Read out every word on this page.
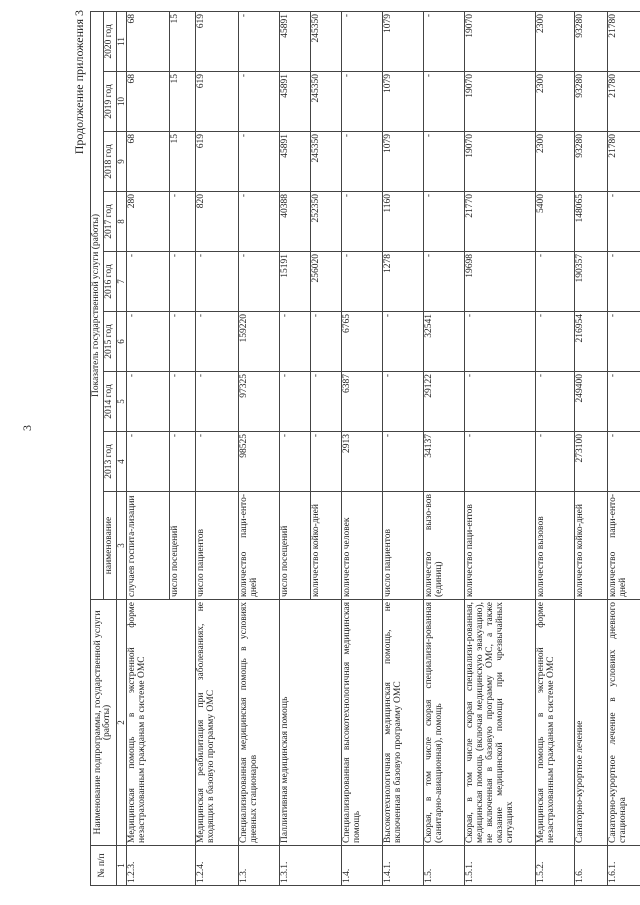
3
Продолжение приложения 3
№ п/п	Наименование подпрограммы, государственной услуги (работы)	Показатель государственной услуги (работы)								
		наименование	2013 год	2014 год	2015 год	2016 год	2017 год	2018 год	2019 год	2020 год
1	2	3	4	5	6	7	8	9	10	11
1.2.3.	Медицинская помощь в экстренной форме незастрахованным гражданам в системе ОМС	случаев госпита-лизации	-	-	-	-	280	68	68	68
		число посещений	-	-	-	-	-	15	15	15
1.2.4.	Медицинская реабилитация при заболеваниях, не входящих в базовую программу ОМС	число пациентов	-	-	-	-	820	619	619	619
1.3.	Специализированная медицинская помощь в условиях дневных стационаров	количество паци-енто-дней	98525	97325	159220	-	-	-	-	-
1.3.1.	Паллиативная медицинская помощь	число посещений	-	-	-	15191	40388	45891	45891	45891
		количество койко-дней	-	-	-	256020	252350	245350	245350	245350
1.4.	Специализированная высокотехнологичная медицинская помощь	количество человек	2913	6387	6765	-	-	-	-	-
1.4.1.	Высокотехнологичная медицинская помощь, не включенная в базовую программу ОМС	число пациентов	-	-	-	1278	1160	1079	1079	1079
1.5.	Скорая, в том числе скорая специализи-рованная (санитарно-авиационная), помощь	количество вызо-вов (единиц)	34137	29122	32541	-	-	-	-	-
1.5.1.	Скорая, в том числе скорая специализи-рованная, медицинская помощь (включая медицинскую эвакуацию), не включенная в базовую программу ОМС, а также оказание медицинской помощи при чрезвычайных ситуациях	количество паци-ентов	-	-	-	19698	21770	19070	19070	19070
1.5.2.	Медицинская помощь в экстренной форме незастрахованным гражданам в системе ОМС	количество вызовов	-	-	-	-	5400	2300	2300	2300
1.6.	Санаторно-курортное лечение	количество койко-дней	273100	249400	216954	190357	148065	93280	93280	93280
1.6.1.	Санаторно-курортное лечение в условиях дневного стационара	количество паци-енто-дней	-	-	-	-	-	21780	21780	21780
